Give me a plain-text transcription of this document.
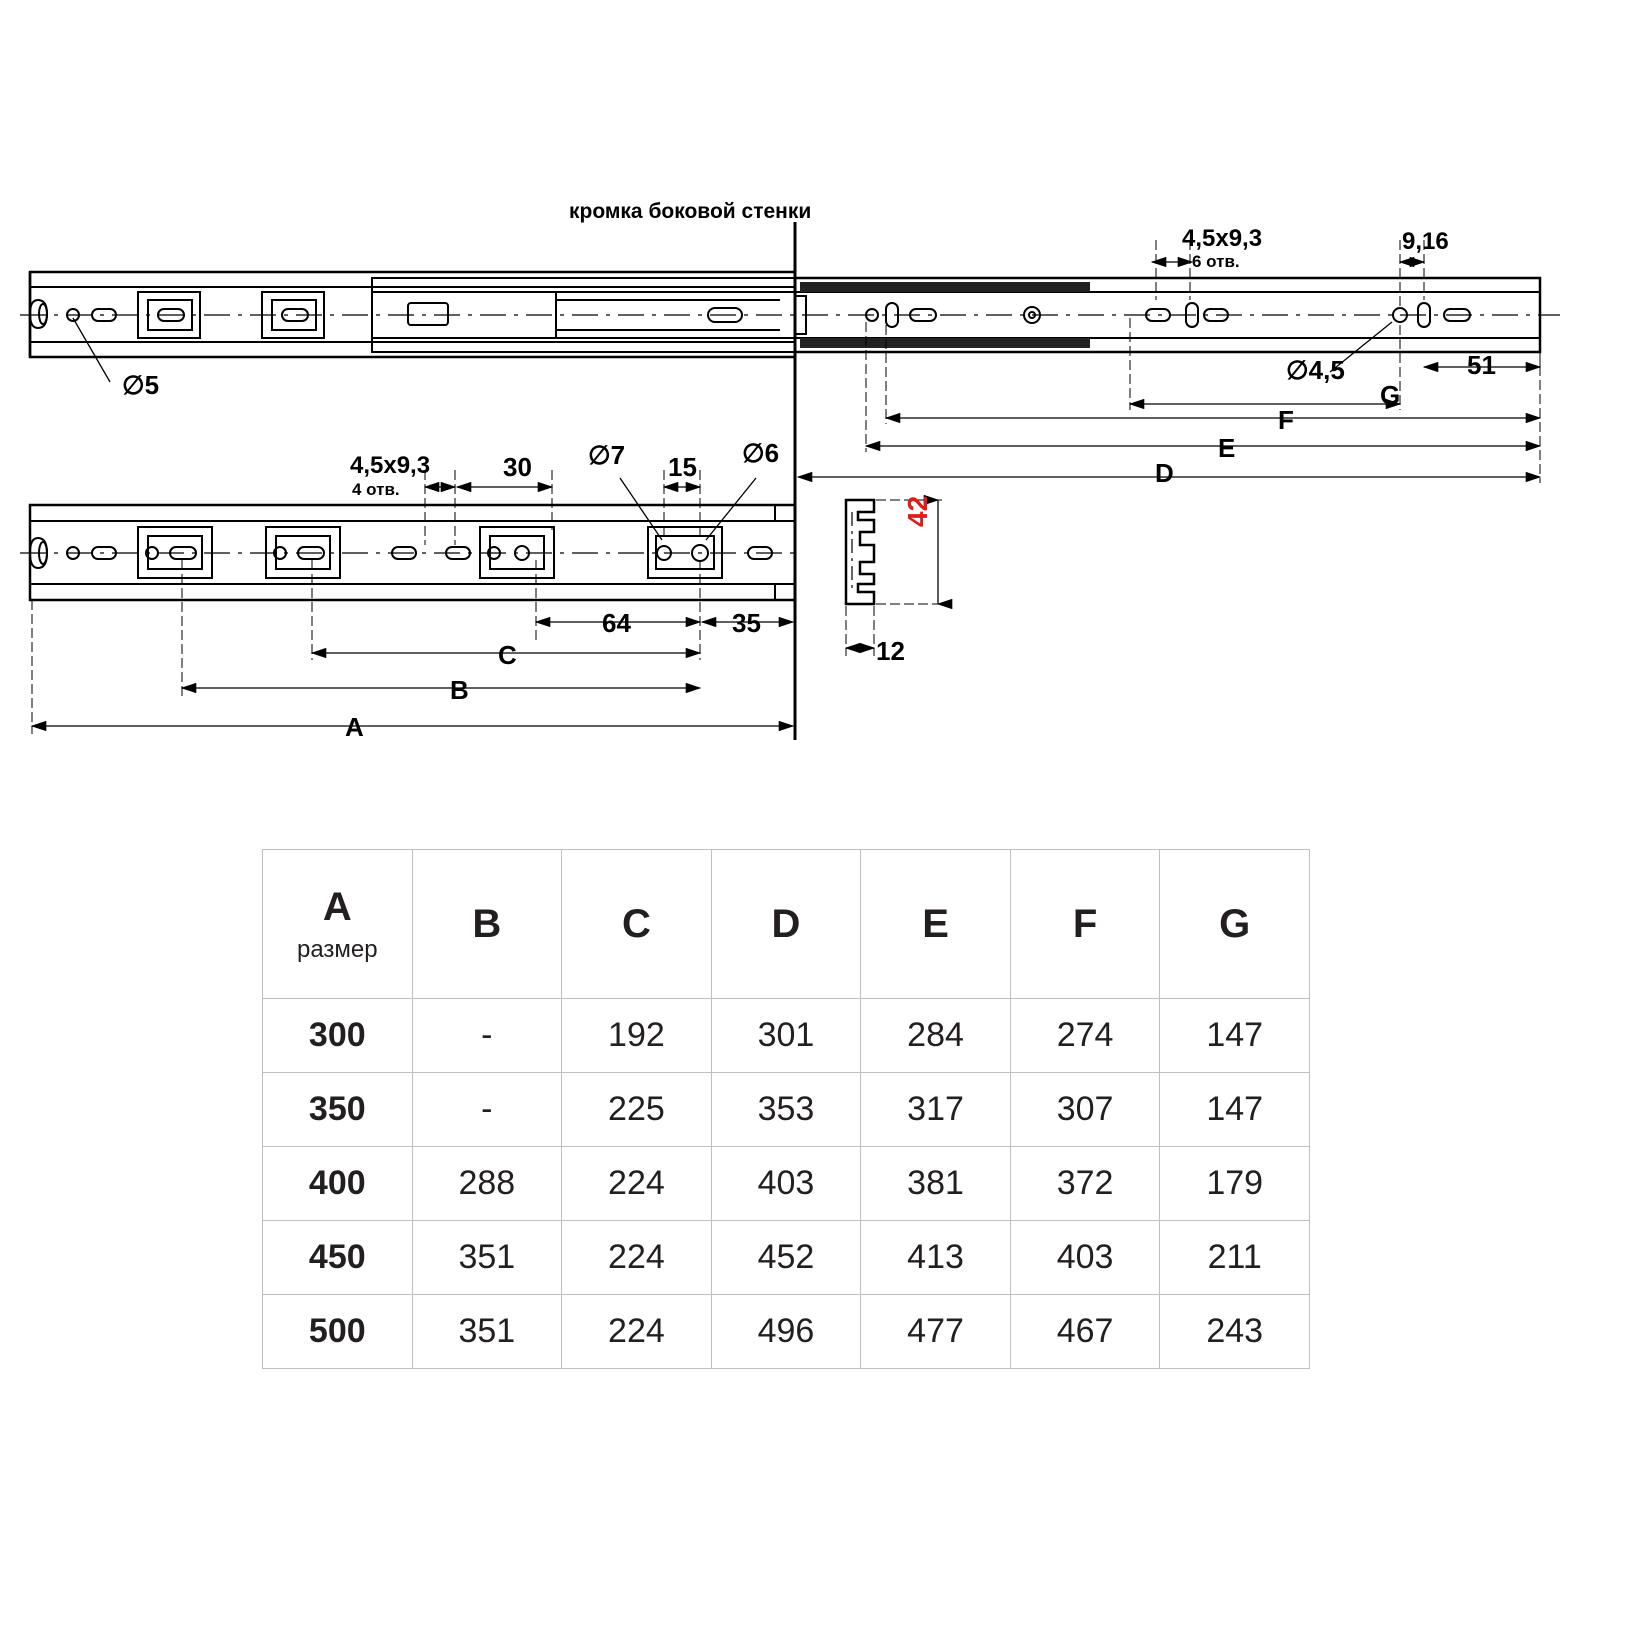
кромка боковой стенки
∅5
4,5x9,3
6 отв.
9,16
51
∅4,5
G
F
E
D
4,5x9,3
4 отв.
30 ∅7 15 ∅6
64	35
C
B
A
42
12
A
размер	B	C	D	E	F	G
300	-	192	301	284	274	147
350	-	225	353	317	307	147
400	288	224	403	381	372	179
450	351	224	452	413	403	211
500	351	224	496	477	467	243
